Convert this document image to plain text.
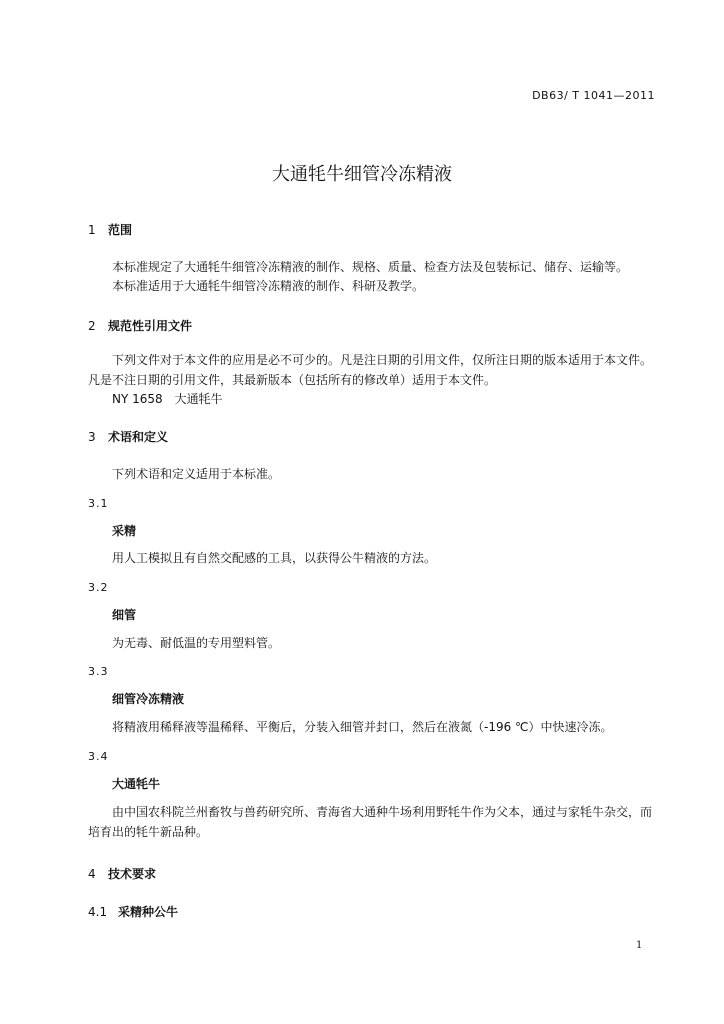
DB63/ T 1041—2011
大通牦牛细管冷冻精液
1 范围
本标准规定了大通牦牛细管冷冻精液的制作、规格、质量、检查方法及包装标记、储存、运输等。
本标准适用于大通牦牛细管冷冻精液的制作、科研及教学。
2 规范性引用文件
下列文件对于本文件的应用是必不可少的。凡是注日期的引用文件，仅所注日期的版本适用于本文件。凡是不注日期的引用文件，其最新版本（包括所有的修改单）适用于本文件。
NY 1658　大通牦牛
3 术语和定义
下列术语和定义适用于本标准。
3.1
采精
用人工模拟且有自然交配感的工具，以获得公牛精液的方法。
3.2
细管
为无毒、耐低温的专用塑料管。
3.3
细管冷冻精液
将精液用稀释液等温稀释、平衡后，分装入细管并封口，然后在液氮（-196 ℃）中快速冷冻。
3.4
大通牦牛
由中国农科院兰州畜牧与兽药研究所、青海省大通种牛场利用野牦牛作为父本，通过与家牦牛杂交，而培育出的牦牛新品种。
4 技术要求
4.1 采精种公牛
1
